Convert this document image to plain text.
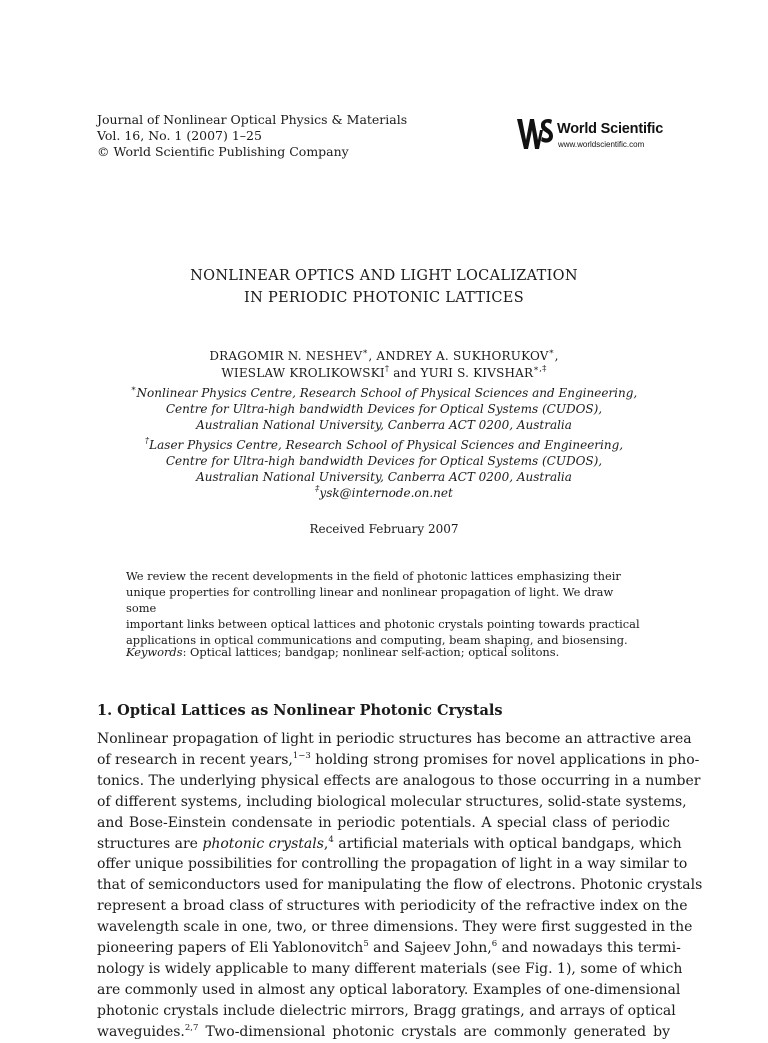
Journal of Nonlinear Optical Physics & Materials
Vol. 16, No. 1 (2007) 1–25
© World Scientific Publishing Company
World Scientific
www.worldscientific.com
NONLINEAR OPTICS AND LIGHT LOCALIZATION
IN PERIODIC PHOTONIC LATTICES
DRAGOMIR N. NESHEV∗, ANDREY A. SUKHORUKOV∗,
WIESLAW KROLIKOWSKI† and YURI S. KIVSHAR∗,‡
∗Nonlinear Physics Centre, Research School of Physical Sciences and Engineering,
Centre for Ultra-high bandwidth Devices for Optical Systems (CUDOS),
Australian National University, Canberra ACT 0200, Australia
†Laser Physics Centre, Research School of Physical Sciences and Engineering,
Centre for Ultra-high bandwidth Devices for Optical Systems (CUDOS),
Australian National University, Canberra ACT 0200, Australia
‡ysk@internode.on.net
Received February 2007
We review the recent developments in the field of photonic lattices emphasizing their
unique properties for controlling linear and nonlinear propagation of light. We draw some
important links between optical lattices and photonic crystals pointing towards practical
applications in optical communications and computing, beam shaping, and biosensing.
Keywords: Optical lattices; bandgap; nonlinear self-action; optical solitons.
1. Optical Lattices as Nonlinear Photonic Crystals
Nonlinear propagation of light in periodic structures has become an attractive area
of research in recent years,$^{1-3}$ holding strong promises for novel applications in pho-
tonics. The underlying physical effects are analogous to those occurring in a number
of different systems, including biological molecular structures, solid-state systems,
and Bose-Einstein condensate in periodic potentials. A special class of periodic
structures are photonic crystals,$^4$ artificial materials with optical bandgaps, which
offer unique possibilities for controlling the propagation of light in a way similar to
that of semiconductors used for manipulating the flow of electrons. Photonic crystals
represent a broad class of structures with periodicity of the refractive index on the
wavelength scale in one, two, or three dimensions. They were first suggested in the
pioneering papers of Eli Yablonovitch$^5$ and Sajeev John,$^6$ and nowadays this termi-
nology is widely applicable to many different materials (see Fig. 1), some of which
are commonly used in almost any optical laboratory. Examples of one-dimensional
photonic crystals include dielectric mirrors, Bragg gratings, and arrays of optical
waveguides.$^{2,7}$ Two-dimensional photonic crystals are commonly generated by
